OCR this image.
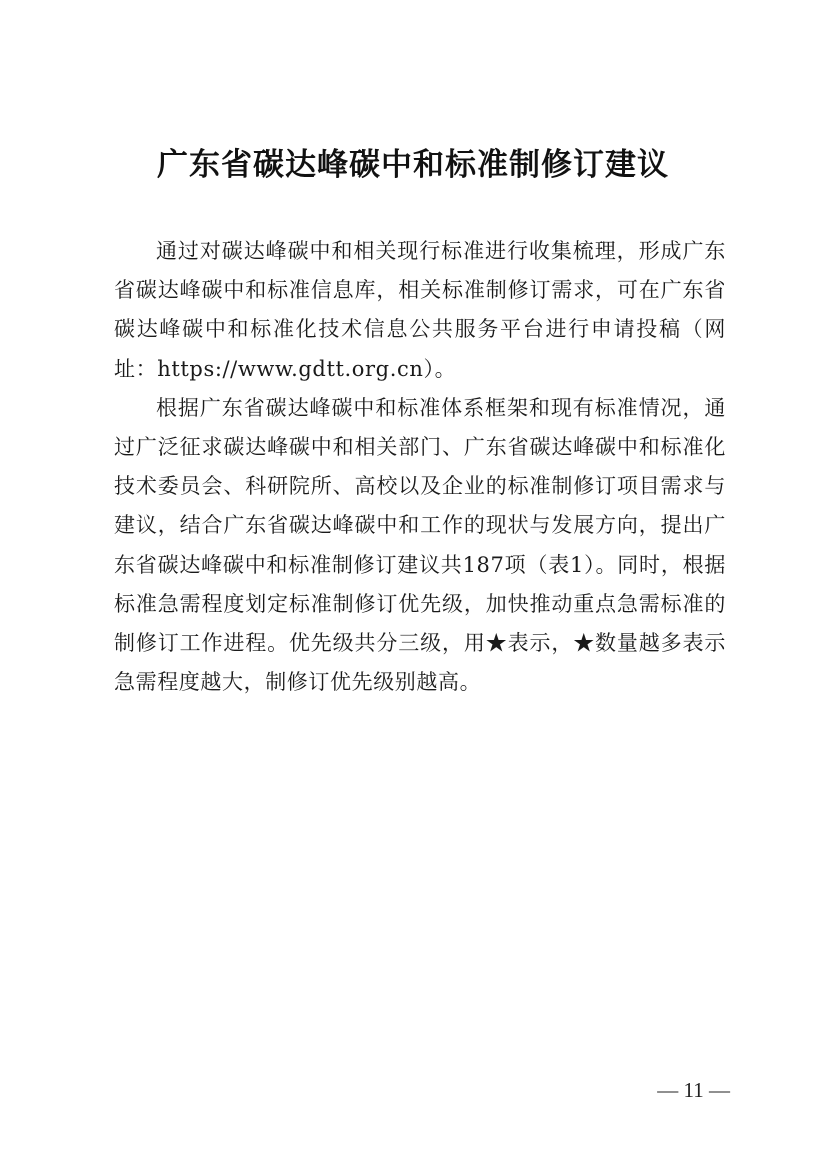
广东省碳达峰碳中和标准制修订建议

通过对碳达峰碳中和相关现行标准进行收集梳理，形成广东省碳达峰碳中和标准信息库，相关标准制修订需求，可在广东省碳达峰碳中和标准化技术信息公共服务平台进行申请投稿（网址：https://www.gdtt.org.cn）。

根据广东省碳达峰碳中和标准体系框架和现有标准情况，通过广泛征求碳达峰碳中和相关部门、广东省碳达峰碳中和标准化技术委员会、科研院所、高校以及企业的标准制修订项目需求与建议，结合广东省碳达峰碳中和工作的现状与发展方向，提出广东省碳达峰碳中和标准制修订建议共187项（表1）。同时，根据标准急需程度划定标准制修订优先级，加快推动重点急需标准的制修订工作进程。优先级共分三级，用★表示，★数量越多表示急需程度越大，制修订优先级别越高。

— 11 —
